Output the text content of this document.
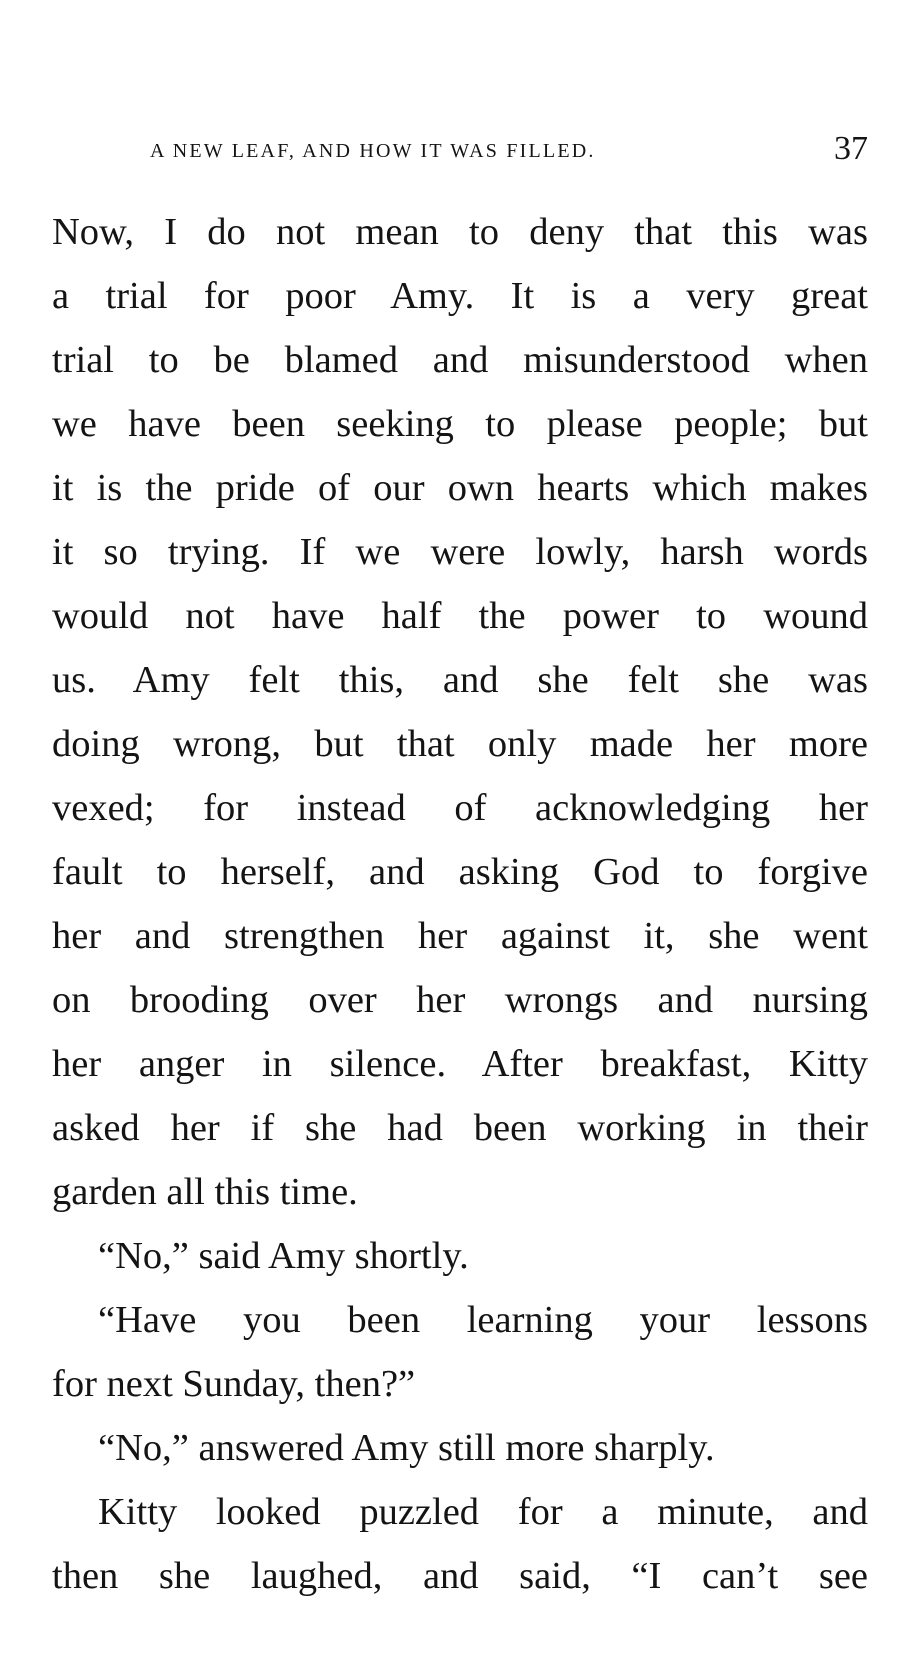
A NEW LEAF, AND HOW IT WAS FILLED.	37
Now, I do not mean to deny that this was
a trial for poor Amy. It is a very great
trial to be blamed and misunderstood when
we have been seeking to please people; but
it is the pride of our own hearts which makes
it so trying. If we were lowly, harsh words
would not have half the power to wound
us. Amy felt this, and she felt she was
doing wrong, but that only made her more
vexed; for instead of acknowledging her
fault to herself, and asking God to forgive
her and strengthen her against it, she went
on brooding over her wrongs and nursing
her anger in silence. After breakfast, Kitty
asked her if she had been working in their
garden all this time.
“No,” said Amy shortly.
“Have you been learning your lessons
for next Sunday, then?”
“No,” answered Amy still more sharply.
Kitty looked puzzled for a minute, and
then she laughed, and said, “I can’t see
